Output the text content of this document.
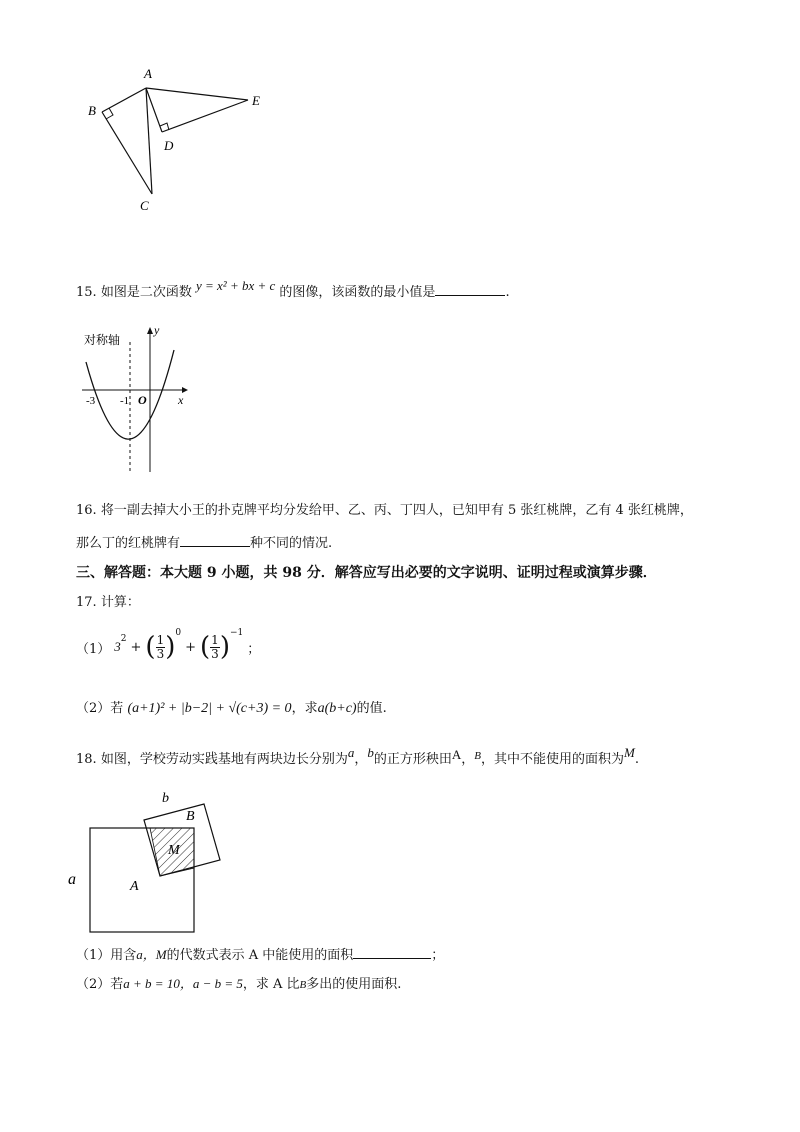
A
B
C
D
E
15. 如图是二次函数 y = x² + bx + c 的图像，该函数的最小值是	.
对称轴
y
x
O
-3 -1
16. 将一副去掉大小王的扑克牌平均分发给甲、乙、丙、丁四人，已知甲有 5 张红桃牌，乙有 4 张红桃牌，
那么丁的红桃牌有	种不同的情况.
三、解答题：本大题 9 小题，共 98 分．解答应写出必要的文字说明、证明过程或演算步骤．
17. 计算：
（1） $3^2$
+ ( $\frac{1}{3} )^0$
+ ( $\frac{1}{3} )^{-1}$
；
（2）若 (a+1)² + |b−2| + √(c+3) = 0，求a(b+c)的值.
18. 如图，学校劳动实践基地有两块边长分别为a，b的正方形秧田A，$^B$，其中不能使用的面积为M.
b
B
M
A
a
（1）用含a，M的代数式表示 A 中能使用的面积	；
（2）若a + b = 10，a − b = 5，求 A 比B多出的使用面积.
